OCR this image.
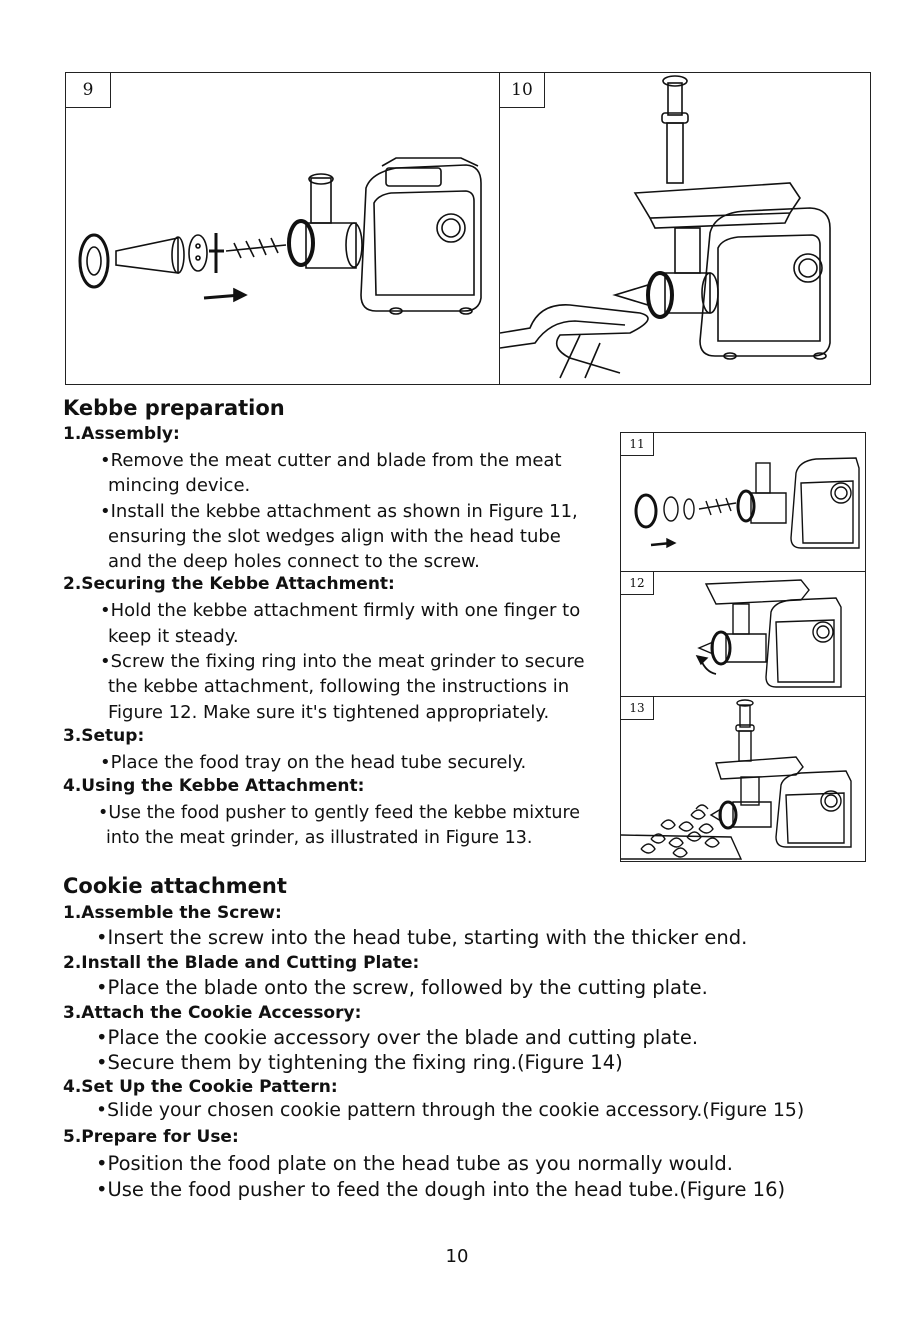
9	10
11
12
13
Kebbe preparation
1.Assembly:
•Remove the meat cutter and blade from the meat
mincing device.
•Install the kebbe attachment as shown in Figure 11,
ensuring the slot wedges align with the head tube
and the deep holes connect to the screw.
2.Securing the Kebbe Attachment:
•Hold the kebbe attachment firmly with one finger to
keep it steady.
•Screw the fixing ring into the meat grinder to secure
the kebbe attachment, following the instructions in
Figure 12. Make sure it's tightened appropriately.
3.Setup:
•Place the food tray on the head tube securely.
4.Using the Kebbe Attachment:
•Use the food pusher to gently feed the kebbe mixture
into the meat grinder, as illustrated in Figure 13.
Cookie attachment
1.Assemble the Screw:
•Insert the screw into the head tube, starting with the thicker end.
2.Install the Blade and Cutting Plate:
•Place the blade onto the screw, followed by the cutting plate.
3.Attach the Cookie Accessory:
•Place the cookie accessory over the blade and cutting plate.
•Secure them by tightening the fixing ring.(Figure 14)
4.Set Up the Cookie Pattern:
•Slide your chosen cookie pattern through the cookie accessory.(Figure 15)
5.Prepare for Use:
•Position the food plate on the head tube as you normally would.
•Use the food pusher to feed the dough into the head tube.(Figure 16)
10
